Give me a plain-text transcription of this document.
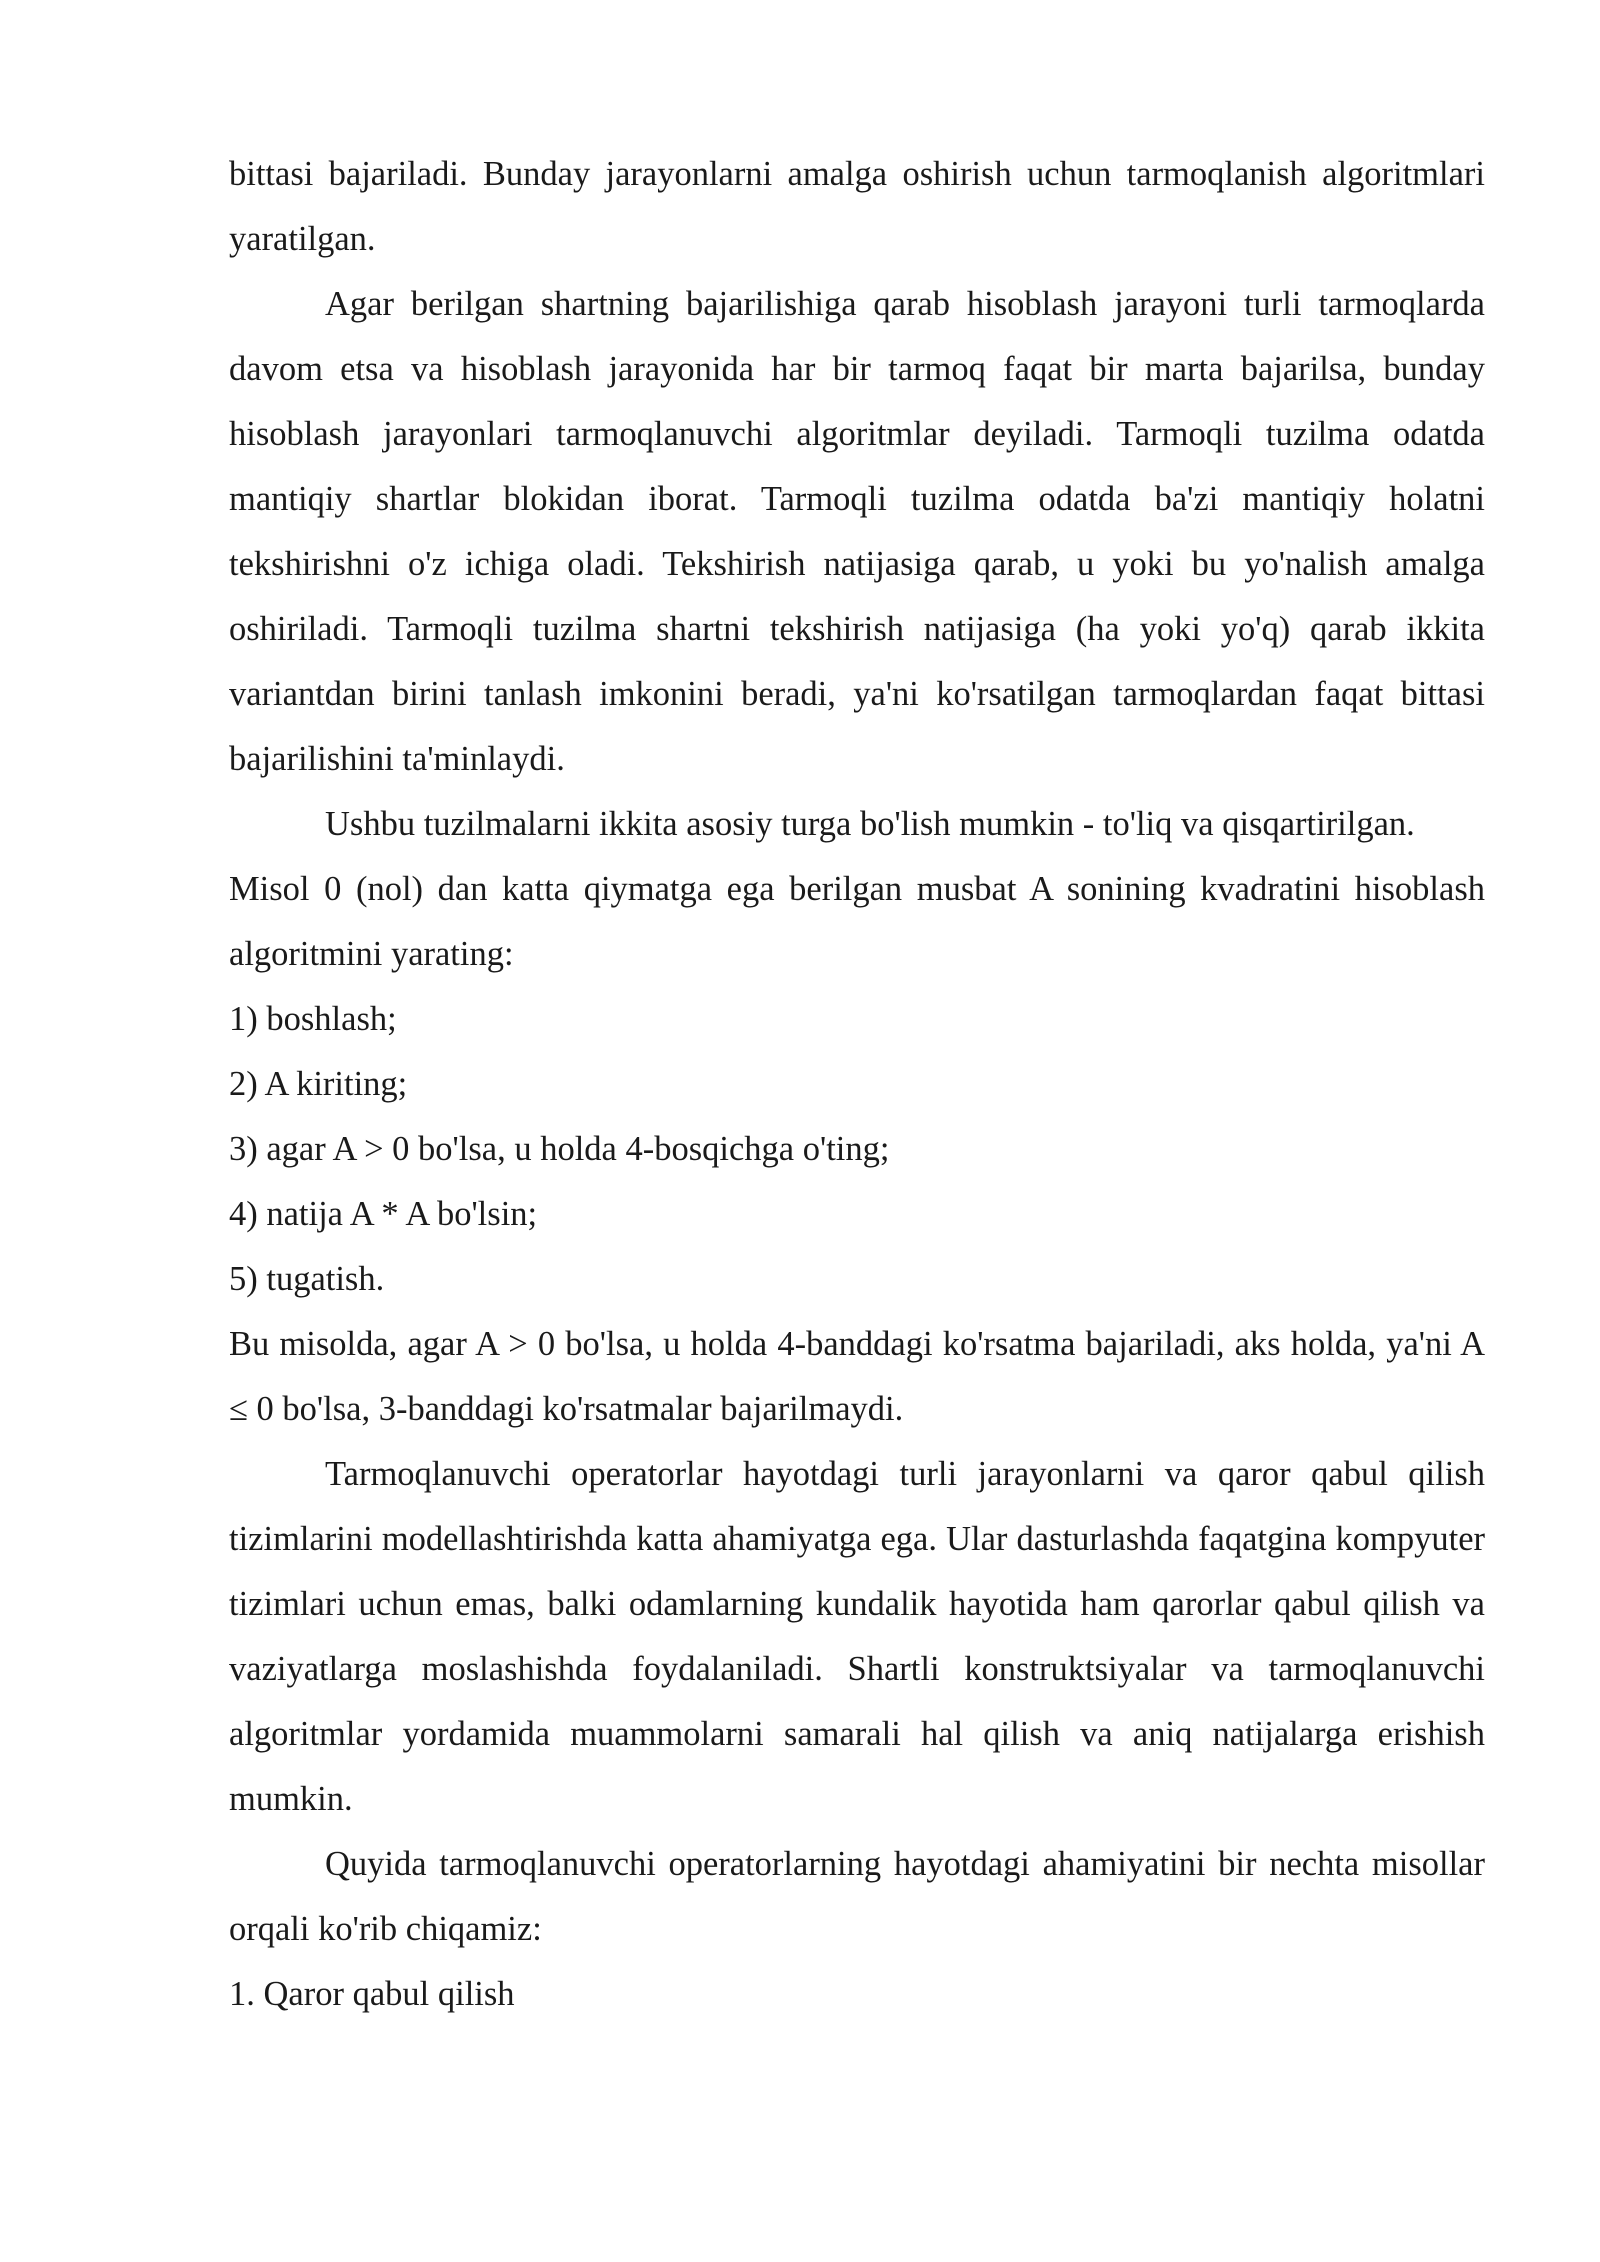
bittasi bajariladi. Bunday jarayonlarni amalga oshirish uchun tarmoqlanish algoritmlari yaratilgan.

Agar berilgan shartning bajarilishiga qarab hisoblash jarayoni turli tarmoqlarda davom etsa va hisoblash jarayonida har bir tarmoq faqat bir marta bajarilsa, bunday hisoblash jarayonlari tarmoqlanuvchi algoritmlar deyiladi. Tarmoqli tuzilma odatda mantiqiy shartlar blokidan iborat. Tarmoqli tuzilma odatda ba'zi mantiqiy holatni tekshirishni o'z ichiga oladi. Tekshirish natijasiga qarab, u yoki bu yo'nalish amalga oshiriladi. Tarmoqli tuzilma shartni tekshirish natijasiga (ha yoki yo'q) qarab ikkita variantdan birini tanlash imkonini beradi, ya'ni ko'rsatilgan tarmoqlardan faqat bittasi bajarilishini ta'minlaydi.

Ushbu tuzilmalarni ikkita asosiy turga bo'lish mumkin - to'liq va qisqartirilgan.

Misol 0 (nol) dan katta qiymatga ega berilgan musbat A sonining kvadratini hisoblash algoritmini yarating:

1) boshlash;

2) A kiriting;

3) agar A > 0 bo'lsa, u holda 4-bosqichga o'ting;

4) natija A * A bo'lsin;

5) tugatish.

Bu misolda, agar A > 0 bo'lsa, u holda 4-banddagi ko'rsatma bajariladi, aks holda, ya'ni A ≤ 0 bo'lsa, 3-banddagi ko'rsatmalar bajarilmaydi.

Tarmoqlanuvchi operatorlar hayotdagi turli jarayonlarni va qaror qabul qilish tizimlarini modellashtirishda katta ahamiyatga ega. Ular dasturlashda faqatgina kompyuter tizimlari uchun emas, balki odamlarning kundalik hayotida ham qarorlar qabul qilish va vaziyatlarga moslashishda foydalaniladi. Shartli konstruktsiyalar va tarmoqlanuvchi algoritmlar yordamida muammolarni samarali hal qilish va aniq natijalarga erishish mumkin.

Quyida tarmoqlanuvchi operatorlarning hayotdagi ahamiyatini bir nechta misollar orqali ko'rib chiqamiz:

1. Qaror qabul qilish
